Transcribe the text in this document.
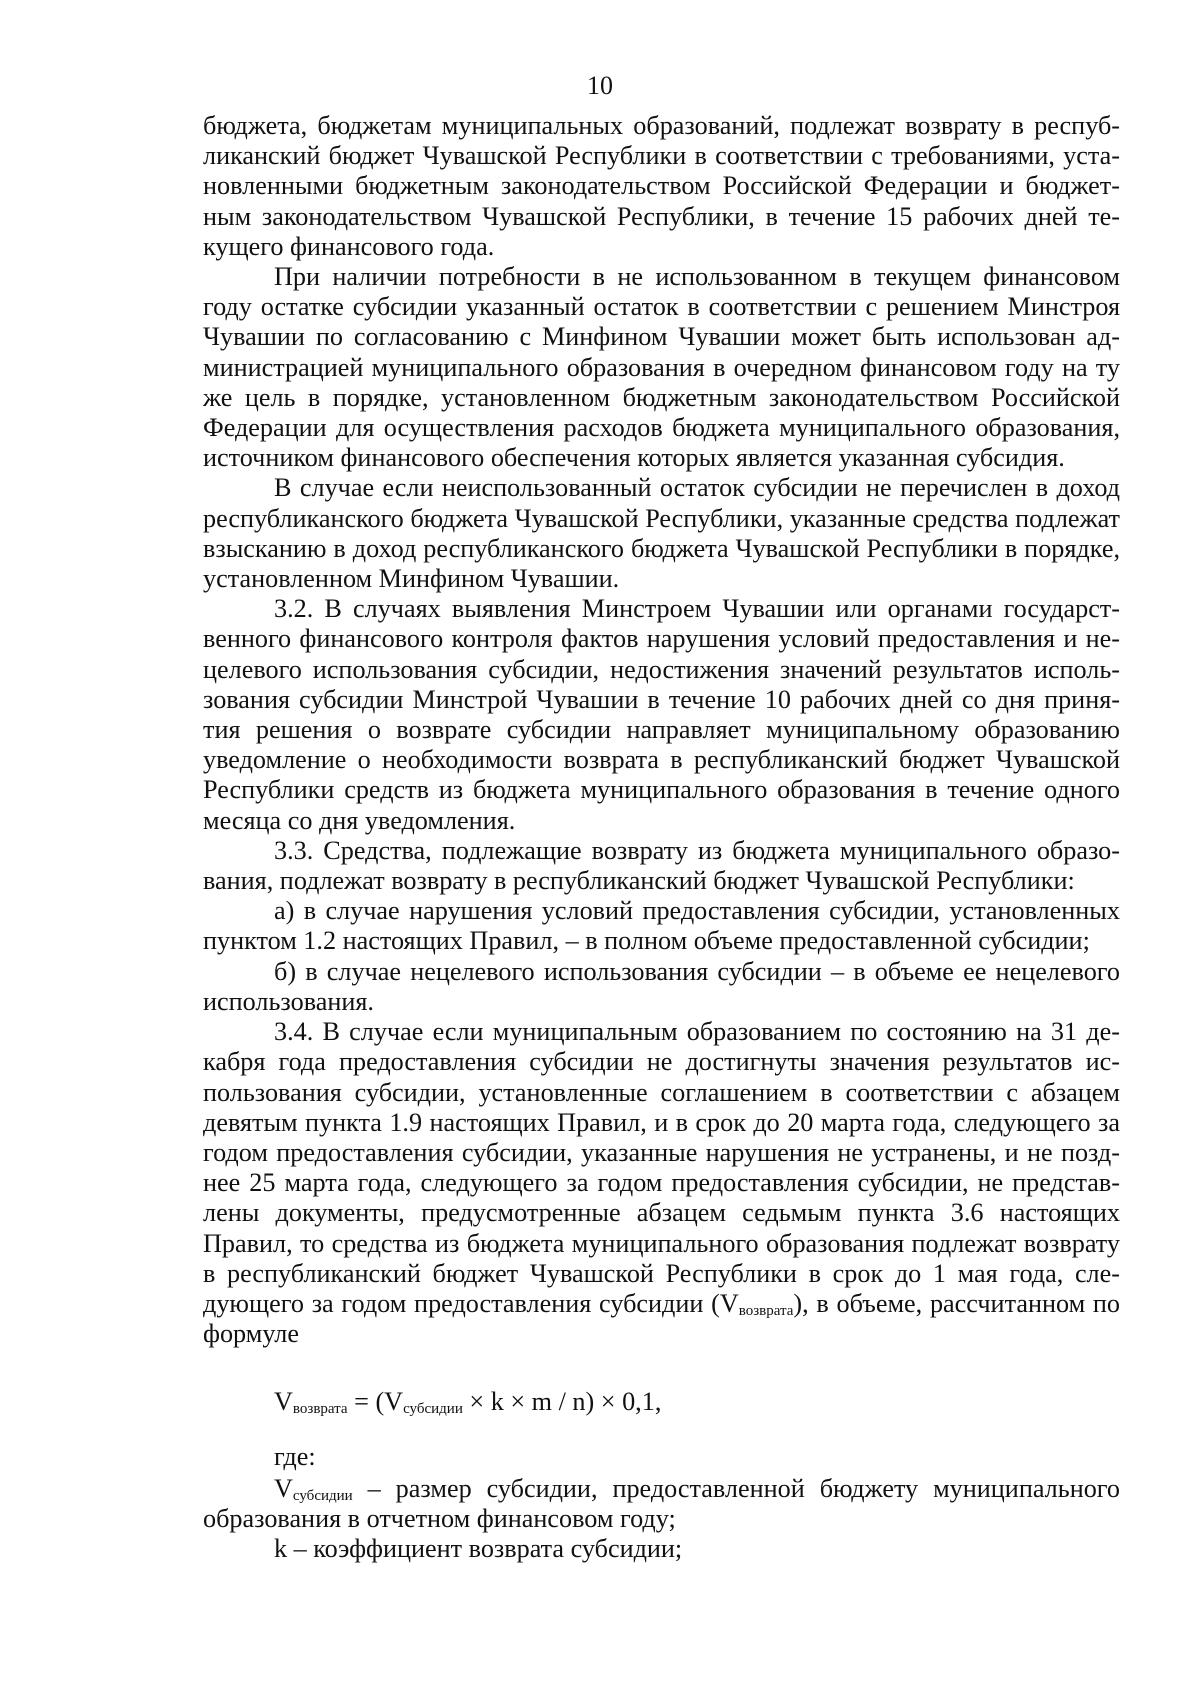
10

бюджета, бюджетам муниципальных образований, подлежат возврату в республиканский бюджет Чувашской Республики в соответствии с требованиями, установленными бюджетным законодательством Российской Федерации и бюджетным законодательством Чувашской Республики, в течение 15 рабочих дней текущего финансового года.

При наличии потребности в не использованном в текущем финансовом году остатке субсидии указанный остаток в соответствии с решением Минстроя Чувашии по согласованию с Минфином Чувашии может быть использован администрацией муниципального образования в очередном финансовом году на ту же цель в порядке, установленном бюджетным законодательством Российской Федерации для осуществления расходов бюджета муниципального образования, источником финансового обеспечения которых является указанная субсидия.

В случае если неиспользованный остаток субсидии не перечислен в доход республиканского бюджета Чувашской Республики, указанные средства подлежат взысканию в доход республиканского бюджета Чувашской Республики в порядке, установленном Минфином Чувашии.

3.2. В случаях выявления Минстроем Чувашии или органами государственного финансового контроля фактов нарушения условий предоставления и нецелевого использования субсидии, недостижения значений результатов использования субсидии Минстрой Чувашии в течение 10 рабочих дней со дня принятия решения о возврате субсидии направляет муниципальному образованию уведомление о необходимости возврата в республиканский бюджет Чувашской Республики средств из бюджета муниципального образования в течение одного месяца со дня уведомления.

3.3. Средства, подлежащие возврату из бюджета муниципального образования, подлежат возврату в республиканский бюджет Чувашской Республики:

а) в случае нарушения условий предоставления субсидии, установленных пунктом 1.2 настоящих Правил, – в полном объеме предоставленной субсидии;

б) в случае нецелевого использования субсидии – в объеме ее нецелевого использования.

3.4. В случае если муниципальным образованием по состоянию на 31 декабря года предоставления субсидии не достигнуты значения результатов использования субсидии, установленные соглашением в соответствии с абзацем девятым пункта 1.9 настоящих Правил, и в срок до 20 марта года, следующего за годом предоставления субсидии, указанные нарушения не устранены, и не позднее 25 марта года, следующего за годом предоставления субсидии, не представлены документы, предусмотренные абзацем седьмым пункта 3.6 настоящих Правил, то средства из бюджета муниципального образования подлежат возврату в республиканский бюджет Чувашской Республики в срок до 1 мая года, следующего за годом предоставления субсидии $(V_{возврата})$, в объеме, рассчитанном по формуле

$V_{возврата} = (V_{субсидии} \times k \times m / n) \times 0,1$,
где:

$V_{субсидии}$ – размер субсидии, предоставленной бюджету муниципального образования в отчетном финансовом году;

k – коэффициент возврата субсидии;
